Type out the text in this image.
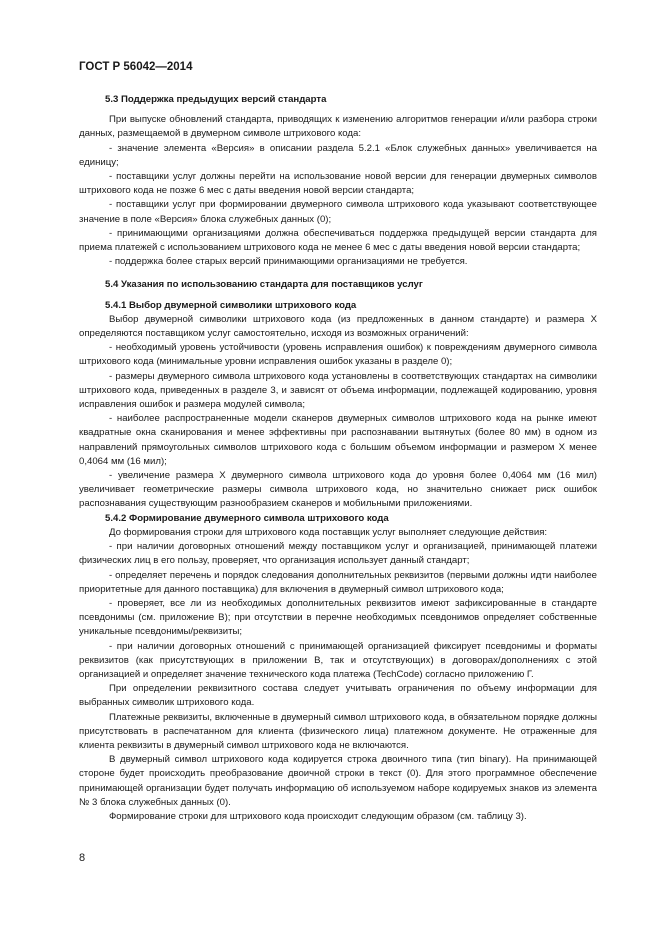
ГОСТ Р 56042—2014

5.3 Поддержка предыдущих версий стандарта

При выпуске обновлений стандарта, приводящих к изменению алгоритмов генерации и/или разбора строки данных, размещаемой в двумерном символе штрихового кода:

- значение элемента «Версия» в описании раздела 5.2.1 «Блок служебных данных» увеличивается на единицу;

- поставщики услуг должны перейти на использование новой версии для генерации двумерных символов штрихового кода не позже 6 мес с даты введения новой версии стандарта;

- поставщики услуг при формировании двумерного символа штрихового кода указывают соответствующее значение в поле «Версия» блока служебных данных (0);

- принимающими организациями должна обеспечиваться поддержка предыдущей версии стандарта для приема платежей с использованием штрихового кода не менее 6 мес с даты введения новой версии стандарта;

- поддержка более старых версий принимающими организациями не требуется.

5.4 Указания по использованию стандарта для поставщиков услуг

5.4.1 Выбор двумерной символики штрихового кода

Выбор двумерной символики штрихового кода (из предложенных в данном стандарте) и размера Х определяются поставщиком услуг самостоятельно, исходя из возможных ограничений:

- необходимый уровень устойчивости (уровень исправления ошибок) к повреждениям двумерного символа штрихового кода (минимальные уровни исправления ошибок указаны в разделе 0);

- размеры двумерного символа штрихового кода установлены в соответствующих стандартах на символики штрихового кода, приведенных в разделе 3, и зависят от объема информации, подлежащей кодированию, уровня исправления ошибок и размера модулей символа;

- наиболее распространенные модели сканеров двумерных символов штрихового кода на рынке имеют квадратные окна сканирования и менее эффективны при распознавании вытянутых (более 80 мм) в одном из направлений прямоугольных символов штрихового кода с большим объемом информации и размером Х менее 0,4064 мм (16 мил);

- увеличение размера Х двумерного символа штрихового кода до уровня более 0,4064 мм (16 мил) увеличивает геометрические размеры символа штрихового кода, но значительно снижает риск ошибок распознавания существующим разнообразием сканеров и мобильными приложениями.

5.4.2 Формирование двумерного символа штрихового кода

До формирования строки для штрихового кода поставщик услуг выполняет следующие действия:

- при наличии договорных отношений между поставщиком услуг и организацией, принимающей платежи физических лиц в его пользу, проверяет, что организация использует данный стандарт;

- определяет перечень и порядок следования дополнительных реквизитов (первыми должны идти наиболее приоритетные для данного поставщика) для включения в двумерный символ штрихового кода;

- проверяет, все ли из необходимых дополнительных реквизитов имеют зафиксированные в стандарте псевдонимы (см. приложение В); при отсутствии в перечне необходимых псевдонимов определяет собственные уникальные псевдонимы/реквизиты;

- при наличии договорных отношений с принимающей организацией фиксирует псевдонимы и форматы реквизитов (как присутствующих в приложении В, так и отсутствующих) в договорах/дополнениях с этой организацией и определяет значение технического кода платежа (TechCode) согласно приложению Г.

При определении реквизитного состава следует учитывать ограничения по объему информации для выбранных символик штрихового кода.

Платежные реквизиты, включенные в двумерный символ штрихового кода, в обязательном порядке должны присутствовать в распечатанном для клиента (физического лица) платежном документе. Не отраженные для клиента реквизиты в двумерный символ штрихового кода не включаются.

В двумерный символ штрихового кода кодируется строка двоичного типа (тип binary). На принимающей стороне будет происходить преобразование двоичной строки в текст (0). Для этого программное обеспечение принимающей организации будет получать информацию об используемом наборе кодируемых знаков из элемента № 3 блока служебных данных (0).

Формирование строки для штрихового кода происходит следующим образом (см. таблицу 3).

8
